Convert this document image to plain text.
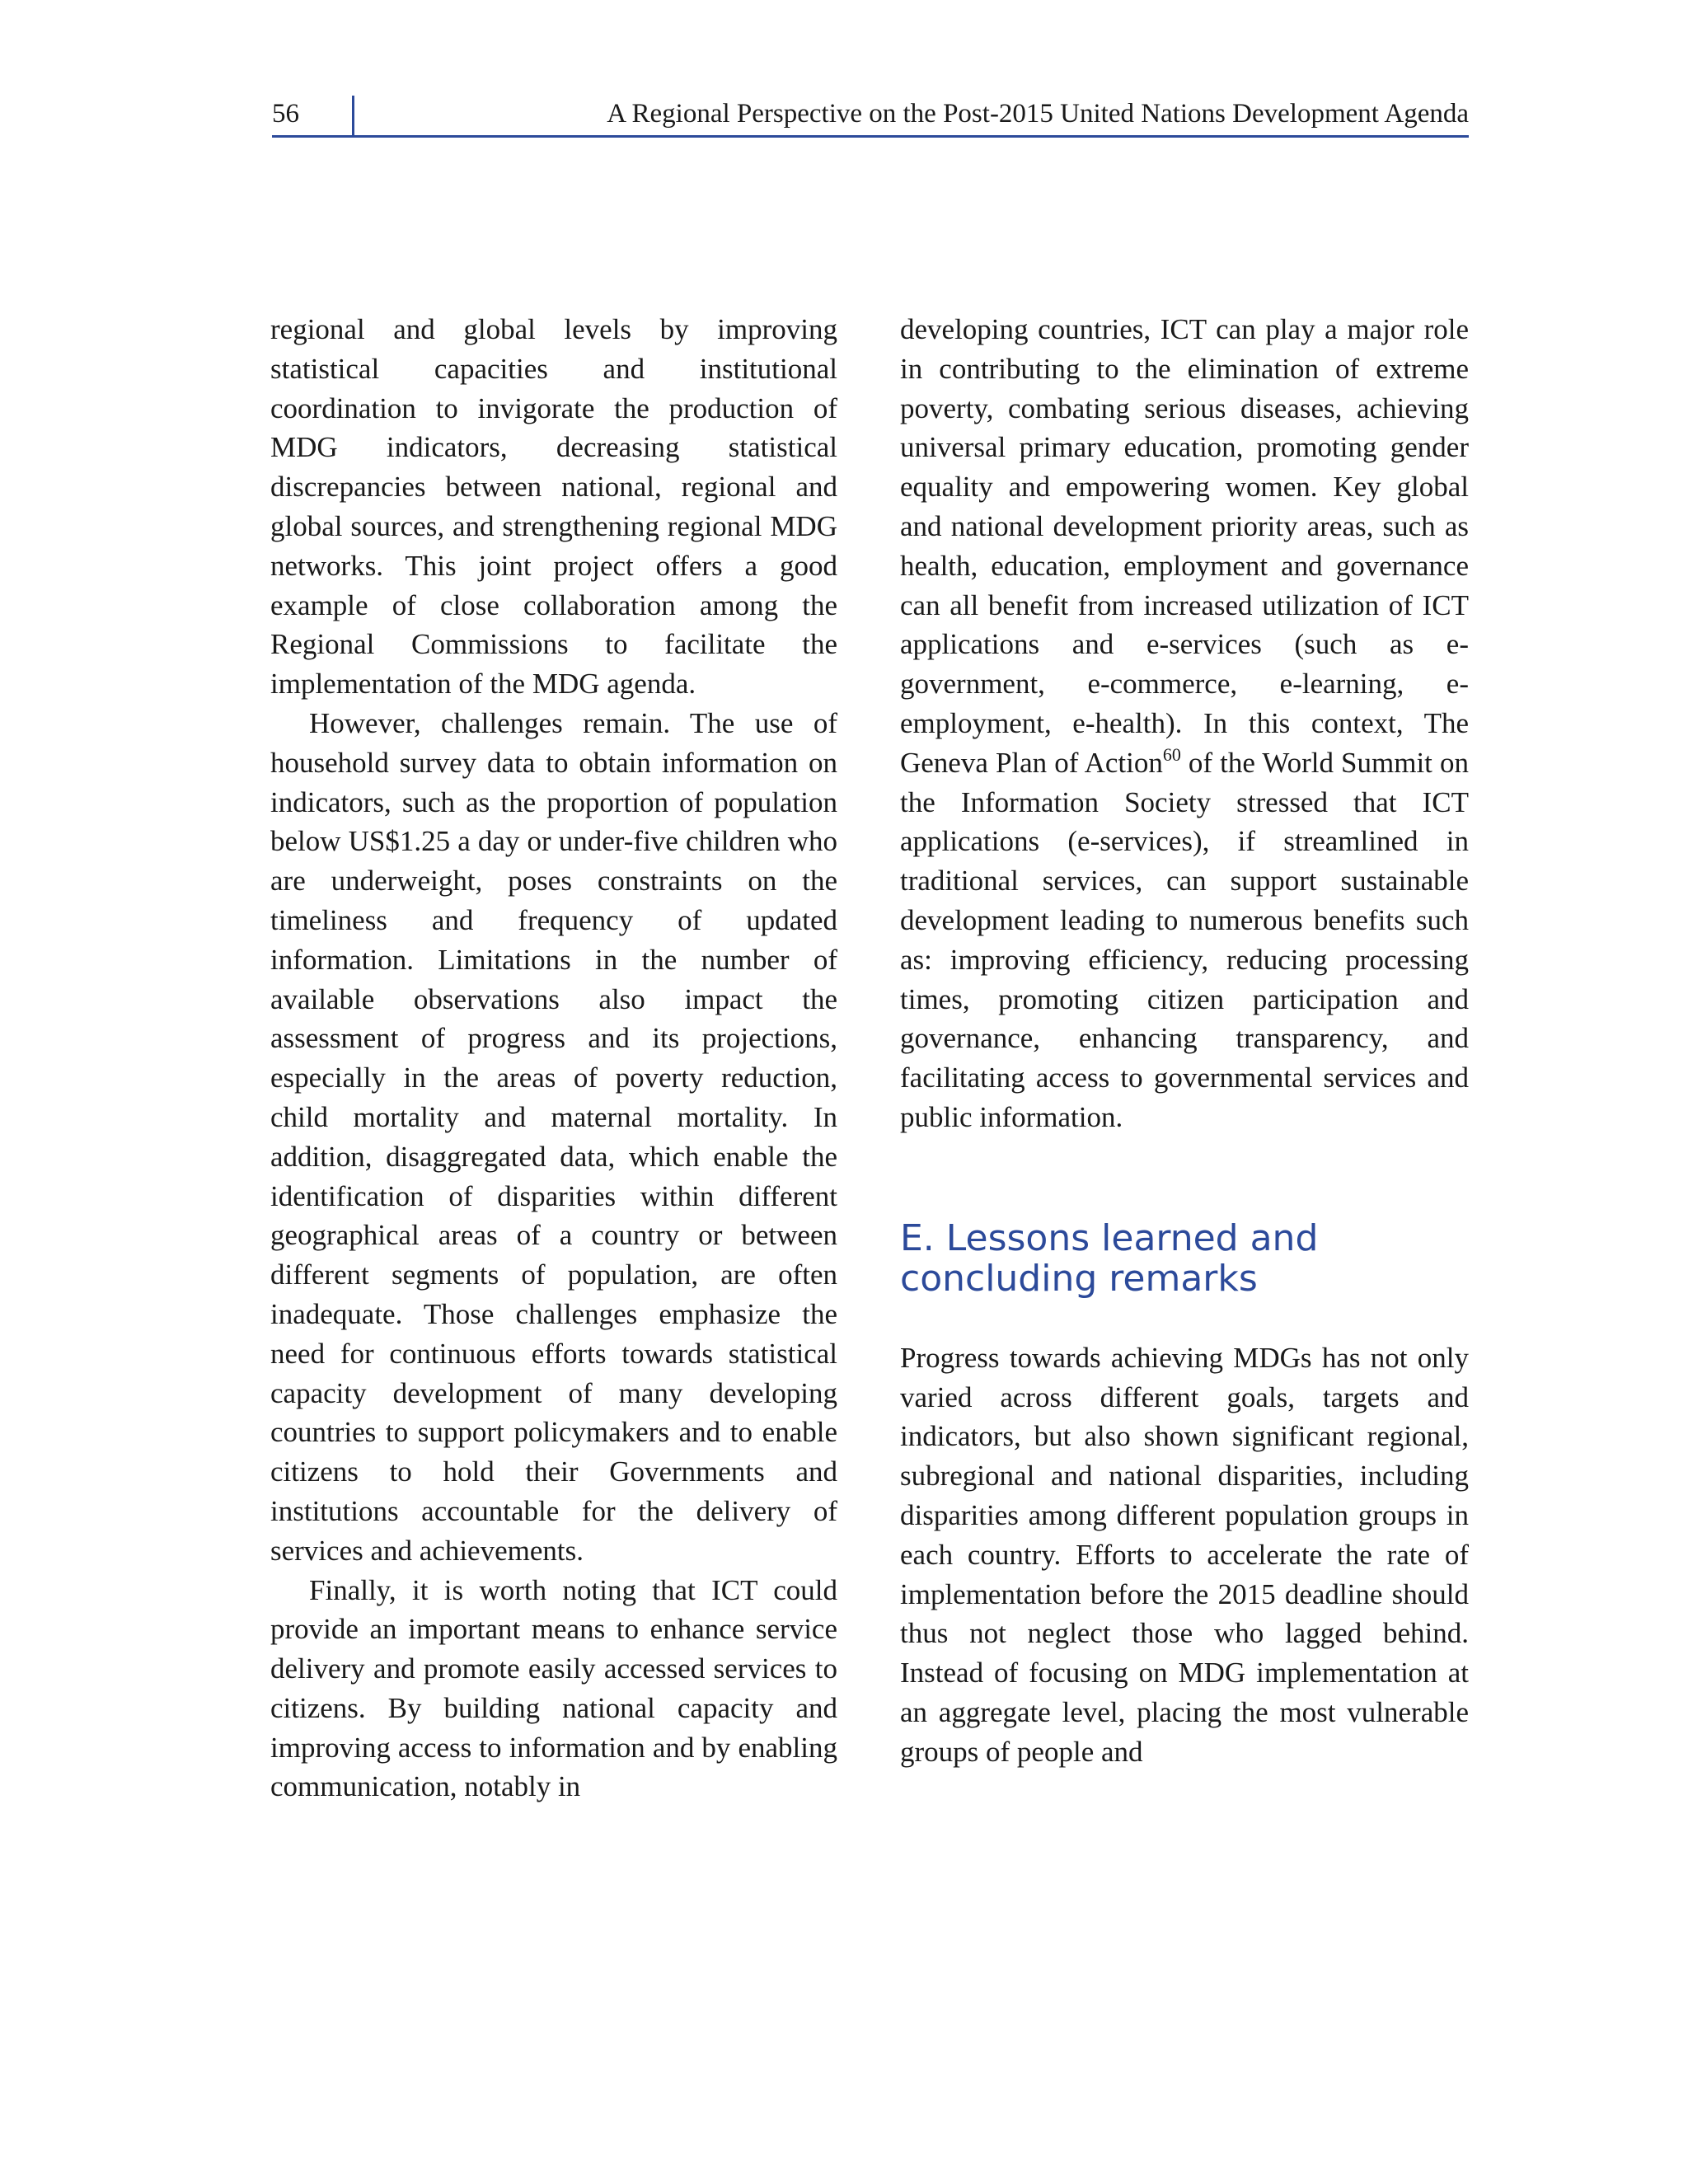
56	A Regional Perspective on the Post-2015 United Nations Development Agenda

regional and global levels by improving statistical capacities and institutional coordination to invigorate the production of MDG indicators, decreasing statistical discrepancies between national, regional and global sources, and strengthening regional MDG networks. This joint project offers a good example of close collaboration among the Regional Commissions to facilitate the implementation of the MDG agenda.

However, challenges remain. The use of household survey data to obtain information on indicators, such as the proportion of population below US$1.25 a day or under-five children who are underweight, poses constraints on the timeliness and frequency of updated information. Limitations in the number of available observations also impact the assessment of progress and its projections, especially in the areas of poverty reduction, child mortality and maternal mortality. In addition, disaggregated data, which enable the identification of disparities within different geographical areas of a country or between different segments of population, are often inadequate. Those challenges emphasize the need for continuous efforts towards statistical capacity development of many developing countries to support policymakers and to enable citizens to hold their Governments and institutions accountable for the delivery of services and achievements.

Finally, it is worth noting that ICT could provide an important means to enhance service delivery and promote easily accessed services to citizens. By building national capacity and improving access to information and by enabling communication, notably in

developing countries, ICT can play a major role in contributing to the elimination of extreme poverty, combating serious diseases, achieving universal primary education, promoting gender equality and empowering women. Key global and national development priority areas, such as health, education, employment and governance can all benefit from increased utilization of ICT applications and e-services (such as e-government, e-commerce, e-learning, e-employment, e-health). In this context, The Geneva Plan of Action$^{60}$ of the World Summit on the Information Society stressed that ICT applications (e-services), if streamlined in traditional services, can support sustainable development leading to numerous benefits such as: improving efficiency, reducing processing times, promoting citizen participation and governance, enhancing transparency, and facilitating access to governmental services and public information.

E. Lessons learned and
concluding remarks

Progress towards achieving MDGs has not only varied across different goals, targets and indicators, but also shown significant regional, subregional and national disparities, including disparities among different population groups in each country. Efforts to accelerate the rate of implementation before the 2015 deadline should thus not neglect those who lagged behind. Instead of focusing on MDG implementation at an aggregate level, placing the most vulnerable groups of people and
